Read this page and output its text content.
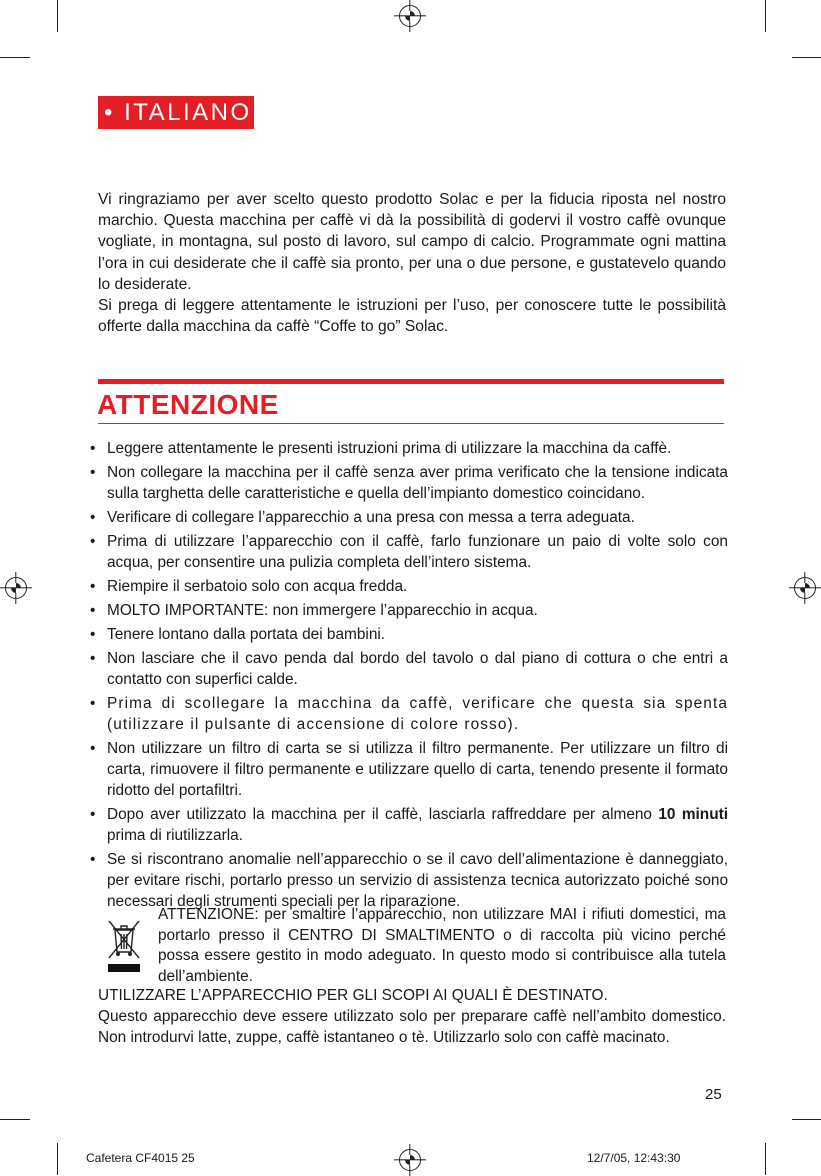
• ITALIANO

Vi ringraziamo per aver scelto questo prodotto Solac e per la fiducia riposta nel nostro marchio. Questa macchina per caffè vi dà la possibilità di godervi il vostro caffè ovunque vogliate, in montagna, sul posto di lavoro, sul campo di calcio. Programmate ogni mattina l’ora in cui desiderate che il caffè sia pronto, per una o due persone, e gustatevelo quando lo desiderate.

Si prega di leggere attentamente le istruzioni per l’uso, per conoscere tutte le possibilità offerte dalla macchina da caffè “Coffe to go” Solac.

ATTENZIONE
• Leggere attentamente le presenti istruzioni prima di utilizzare la macchina da caffè.
• Non collegare la macchina per il caffè senza aver prima verificato che la tensione indicata sulla targhetta delle caratteristiche e quella dell’impianto domestico coincidano.
• Verificare di collegare l’apparecchio a una presa con messa a terra adeguata.
• Prima di utilizzare l’apparecchio con il caffè, farlo funzionare un paio di volte solo con acqua, per consentire una pulizia completa dell’intero sistema.
• Riempire il serbatoio solo con acqua fredda.
• MOLTO IMPORTANTE: non immergere l’apparecchio in acqua.
• Tenere lontano dalla portata dei bambini.
• Non lasciare che il cavo penda dal bordo del tavolo o dal piano di cottura o che entri a contatto con superfici calde.
• Prima di scollegare la macchina da caffè, verificare che questa sia spenta (utilizzare il pulsante di accensione di colore rosso).
• Non utilizzare un filtro di carta se si utilizza il filtro permanente. Per utilizzare un filtro di carta, rimuovere il filtro permanente e utilizzare quello di carta, tenendo presente il formato ridotto del portafiltri.
• Dopo aver utilizzato la macchina per il caffè, lasciarla raffreddare per almeno 10 minuti prima di riutilizzarla.
• Se si riscontrano anomalie nell’apparecchio o se il cavo dell’alimentazione è danneggiato, per evitare rischi, portarlo presso un servizio di assistenza tecnica autorizzato poiché sono necessari degli strumenti speciali per la riparazione.

ATTENZIONE: per smaltire l’apparecchio, non utilizzare MAI i rifiuti domestici, ma portarlo presso il CENTRO DI SMALTIMENTO o di raccolta più vicino perché possa essere gestito in modo adeguato. In questo modo si contribuisce alla tutela dell’ambiente.

UTILIZZARE L’APPARECCHIO PER GLI SCOPI AI QUALI È DESTINATO.

Questo apparecchio deve essere utilizzato solo per preparare caffè nell’ambito domestico. Non introdurvi latte, zuppe, caffè istantaneo o tè. Utilizzarlo solo con caffè macinato.

25
Cafetera CF4015 25	12/7/05, 12:43:30
